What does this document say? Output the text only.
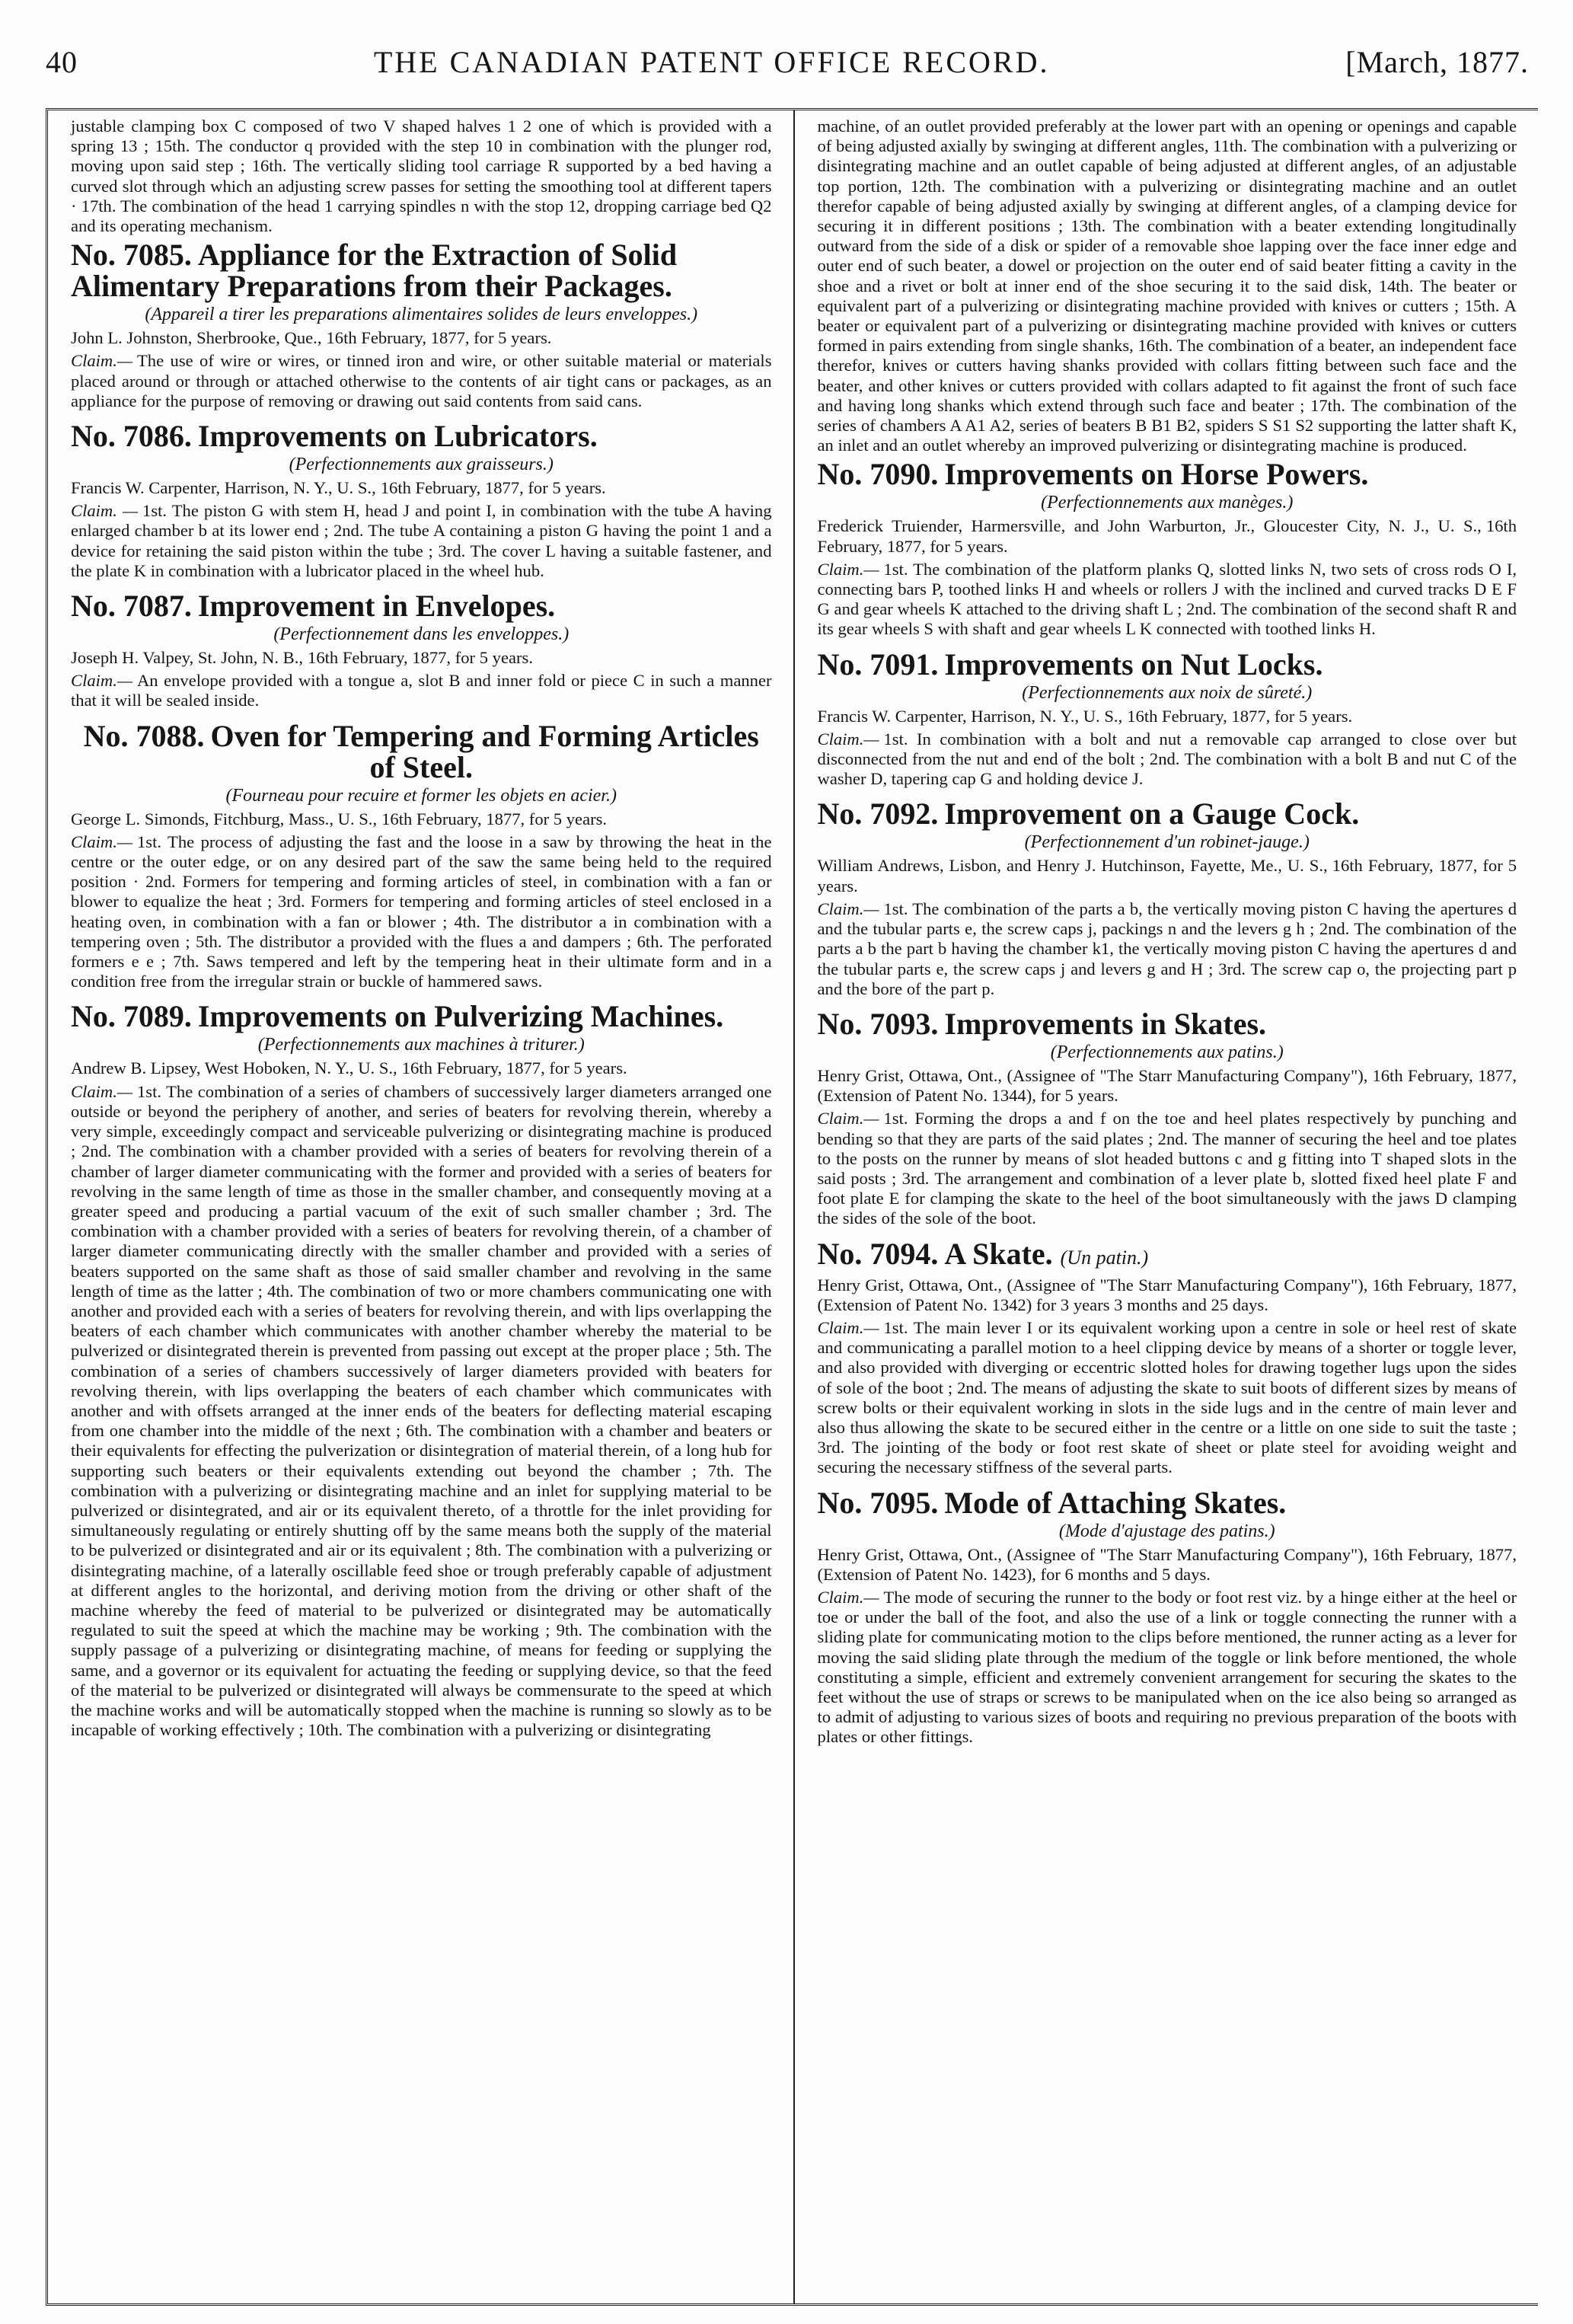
40	THE CANADIAN PATENT OFFICE RECORD.	[March, 1877.

justable clamping box C composed of two V shaped halves 1 2 one of which is provided with a spring 13 ; 15th. The conductor q provided with the step 10 in combination with the plunger rod, moving upon said step ; 16th. The vertically sliding tool carriage R supported by a bed having a curved slot through which an adjusting screw passes for setting the smoothing tool at different tapers · 17th. The combination of the head 1 carrying spindles n with the stop 12, dropping carriage bed Q2 and its operating mechanism.

No. 7085. Appliance for the Extraction of Solid Alimentary Preparations from their Packages.
(Appareil a tirer les preparations alimentaires solides de leurs enveloppes.)
John L. Johnston, Sherbrooke, Que., 16th February, 1877, for 5 years.

Claim.— The use of wire or wires, or tinned iron and wire, or other suitable material or materials placed around or through or attached otherwise to the contents of air tight cans or packages, as an appliance for the purpose of removing or drawing out said contents from said cans.

No. 7086. Improvements on Lubricators.
(Perfectionnements aux graisseurs.)
Francis W. Carpenter, Harrison, N. Y., U. S., 16th February, 1877, for 5 years.

Claim. — 1st. The piston G with stem H, head J and point I, in combination with the tube A having enlarged chamber b at its lower end ; 2nd. The tube A containing a piston G having the point 1 and a device for retaining the said piston within the tube ; 3rd. The cover L having a suitable fastener, and the plate K in combination with a lubricator placed in the wheel hub.

No. 7087. Improvement in Envelopes.
(Perfectionnement dans les enveloppes.)
Joseph H. Valpey, St. John, N. B., 16th February, 1877, for 5 years.

Claim.— An envelope provided with a tongue a, slot B and inner fold or piece C in such a manner that it will be sealed inside.

No. 7088. Oven for Tempering and Forming Articles of Steel.
(Fourneau pour recuire et former les objets en acier.)
George L. Simonds, Fitchburg, Mass., U. S., 16th February, 1877, for 5 years.

Claim.— 1st. The process of adjusting the fast and the loose in a saw by throwing the heat in the centre or the outer edge, or on any desired part of the saw the same being held to the required position · 2nd. Formers for tempering and forming articles of steel, in combination with a fan or blower to equalize the heat ; 3rd. Formers for tempering and forming articles of steel enclosed in a heating oven, in combination with a fan or blower ; 4th. The distributor a in combination with a tempering oven ; 5th. The distributor a provided with the flues a and dampers ; 6th. The perforated formers e e ; 7th. Saws tempered and left by the tempering heat in their ultimate form and in a condition free from the irregular strain or buckle of hammered saws.

No. 7089. Improvements on Pulverizing Machines.
(Perfectionnements aux machines à triturer.)
Andrew B. Lipsey, West Hoboken, N. Y., U. S., 16th February, 1877, for 5 years.

Claim.— 1st. The combination of a series of chambers of successively larger diameters arranged one outside or beyond the periphery of another, and series of beaters for revolving therein, whereby a very simple, exceedingly compact and serviceable pulverizing or disintegrating machine is produced ; 2nd. The combination with a chamber provided with a series of beaters for revolving therein of a chamber of larger diameter communicating with the former and provided with a series of beaters for revolving in the same length of time as those in the smaller chamber, and consequently moving at a greater speed and producing a partial vacuum of the exit of such smaller chamber ; 3rd. The combination with a chamber provided with a series of beaters for revolving therein, of a chamber of larger diameter communicating directly with the smaller chamber and provided with a series of beaters supported on the same shaft as those of said smaller chamber and revolving in the same length of time as the latter ; 4th. The combination of two or more chambers communicating one with another and provided each with a series of beaters for revolving therein, and with lips overlapping the beaters of each chamber which communicates with another chamber whereby the material to be pulverized or disintegrated therein is prevented from passing out except at the proper place ; 5th. The combination of a series of chambers successively of larger diameters provided with beaters for revolving therein, with lips overlapping the beaters of each chamber which communicates with another and with offsets arranged at the inner ends of the beaters for deflecting material escaping from one chamber into the middle of the next ; 6th. The combination with a chamber and beaters or their equivalents for effecting the pulverization or disintegration of material therein, of a long hub for supporting such beaters or their equivalents extending out beyond the chamber ; 7th. The combination with a pulverizing or disintegrating machine and an inlet for supplying material to be pulverized or disintegrated, and air or its equivalent thereto, of a throttle for the inlet providing for simultaneously regulating or entirely shutting off by the same means both the supply of the material to be pulverized or disintegrated and air or its equivalent ; 8th. The combination with a pulverizing or disintegrating machine, of a laterally oscillable feed shoe or trough preferably capable of adjustment at different angles to the horizontal, and deriving motion from the driving or other shaft of the machine whereby the feed of material to be pulverized or disintegrated may be automatically regulated to suit the speed at which the machine may be working ; 9th. The combination with the supply passage of a pulverizing or disintegrating machine, of means for feeding or supplying the same, and a governor or its equivalent for actuating the feeding or supplying device, so that the feed of the material to be pulverized or disintegrated will always be commensurate to the speed at which the machine works and will be automatically stopped when the machine is running so slowly as to be incapable of working effectively ; 10th. The combination with a pulverizing or disintegrating

machine, of an outlet provided preferably at the lower part with an opening or openings and capable of being adjusted axially by swinging at different angles, 11th. The combination with a pulverizing or disintegrating machine and an outlet capable of being adjusted at different angles, of an adjustable top portion, 12th. The combination with a pulverizing or disintegrating machine and an outlet therefor capable of being adjusted axially by swinging at different angles, of a clamping device for securing it in different positions ; 13th. The combination with a beater extending longitudinally outward from the side of a disk or spider of a removable shoe lapping over the face inner edge and outer end of such beater, a dowel or projection on the outer end of said beater fitting a cavity in the shoe and a rivet or bolt at inner end of the shoe securing it to the said disk, 14th. The beater or equivalent part of a pulverizing or disintegrating machine provided with knives or cutters ; 15th. A beater or equivalent part of a pulverizing or disintegrating machine provided with knives or cutters formed in pairs extending from single shanks, 16th. The combination of a beater, an independent face therefor, knives or cutters having shanks provided with collars fitting between such face and the beater, and other knives or cutters provided with collars adapted to fit against the front of such face and having long shanks which extend through such face and beater ; 17th. The combination of the series of chambers A A1 A2, series of beaters B B1 B2, spiders S S1 S2 supporting the latter shaft K, an inlet and an outlet whereby an improved pulverizing or disintegrating machine is produced.

No. 7090. Improvements on Horse Powers.
(Perfectionnements aux manèges.)
Frederick Truiender, Harmersville, and John Warburton, Jr., Gloucester City, N. J., U. S., 16th February, 1877, for 5 years.

Claim.— 1st. The combination of the platform planks Q, slotted links N, two sets of cross rods O I, connecting bars P, toothed links H and wheels or rollers J with the inclined and curved tracks D E F G and gear wheels K attached to the driving shaft L ; 2nd. The combination of the second shaft R and its gear wheels S with shaft and gear wheels L K connected with toothed links H.

No. 7091. Improvements on Nut Locks.
(Perfectionnements aux noix de sûreté.)
Francis W. Carpenter, Harrison, N. Y., U. S., 16th February, 1877, for 5 years.

Claim.— 1st. In combination with a bolt and nut a removable cap arranged to close over but disconnected from the nut and end of the bolt ; 2nd. The combination with a bolt B and nut C of the washer D, tapering cap G and holding device J.

No. 7092. Improvement on a Gauge Cock.
(Perfectionnement d'un robinet-jauge.)
William Andrews, Lisbon, and Henry J. Hutchinson, Fayette, Me., U. S., 16th February, 1877, for 5 years.

Claim.— 1st. The combination of the parts a b, the vertically moving piston C having the apertures d and the tubular parts e, the screw caps j, packings n and the levers g h ; 2nd. The combination of the parts a b the part b having the chamber k1, the vertically moving piston C having the apertures d and the tubular parts e, the screw caps j and levers g and H ; 3rd. The screw cap o, the projecting part p and the bore of the part p.

No. 7093. Improvements in Skates.
(Perfectionnements aux patins.)
Henry Grist, Ottawa, Ont., (Assignee of "The Starr Manufacturing Company"), 16th February, 1877, (Extension of Patent No. 1344), for 5 years.

Claim.— 1st. Forming the drops a and f on the toe and heel plates respectively by punching and bending so that they are parts of the said plates ; 2nd. The manner of securing the heel and toe plates to the posts on the runner by means of slot headed buttons c and g fitting into T shaped slots in the said posts ; 3rd. The arrangement and combination of a lever plate b, slotted fixed heel plate F and foot plate E for clamping the skate to the heel of the boot simultaneously with the jaws D clamping the sides of the sole of the boot.

No. 7094. A Skate. (Un patin.)
Henry Grist, Ottawa, Ont., (Assignee of "The Starr Manufacturing Company"), 16th February, 1877, (Extension of Patent No. 1342) for 3 years 3 months and 25 days.

Claim.— 1st. The main lever I or its equivalent working upon a centre in sole or heel rest of skate and communicating a parallel motion to a heel clipping device by means of a shorter or toggle lever, and also provided with diverging or eccentric slotted holes for drawing together lugs upon the sides of sole of the boot ; 2nd. The means of adjusting the skate to suit boots of different sizes by means of screw bolts or their equivalent working in slots in the side lugs and in the centre of main lever and also thus allowing the skate to be secured either in the centre or a little on one side to suit the taste ; 3rd. The jointing of the body or foot rest skate of sheet or plate steel for avoiding weight and securing the necessary stiffness of the several parts.

No. 7095. Mode of Attaching Skates.
(Mode d'ajustage des patins.)
Henry Grist, Ottawa, Ont., (Assignee of "The Starr Manufacturing Company"), 16th February, 1877, (Extension of Patent No. 1423), for 6 months and 5 days.

Claim.— The mode of securing the runner to the body or foot rest viz. by a hinge either at the heel or toe or under the ball of the foot, and also the use of a link or toggle connecting the runner with a sliding plate for communicating motion to the clips before mentioned, the runner acting as a lever for moving the said sliding plate through the medium of the toggle or link before mentioned, the whole constituting a simple, efficient and extremely convenient arrangement for securing the skates to the feet without the use of straps or screws to be manipulated when on the ice also being so arranged as to admit of adjusting to various sizes of boots and requiring no previous preparation of the boots with plates or other fittings.
